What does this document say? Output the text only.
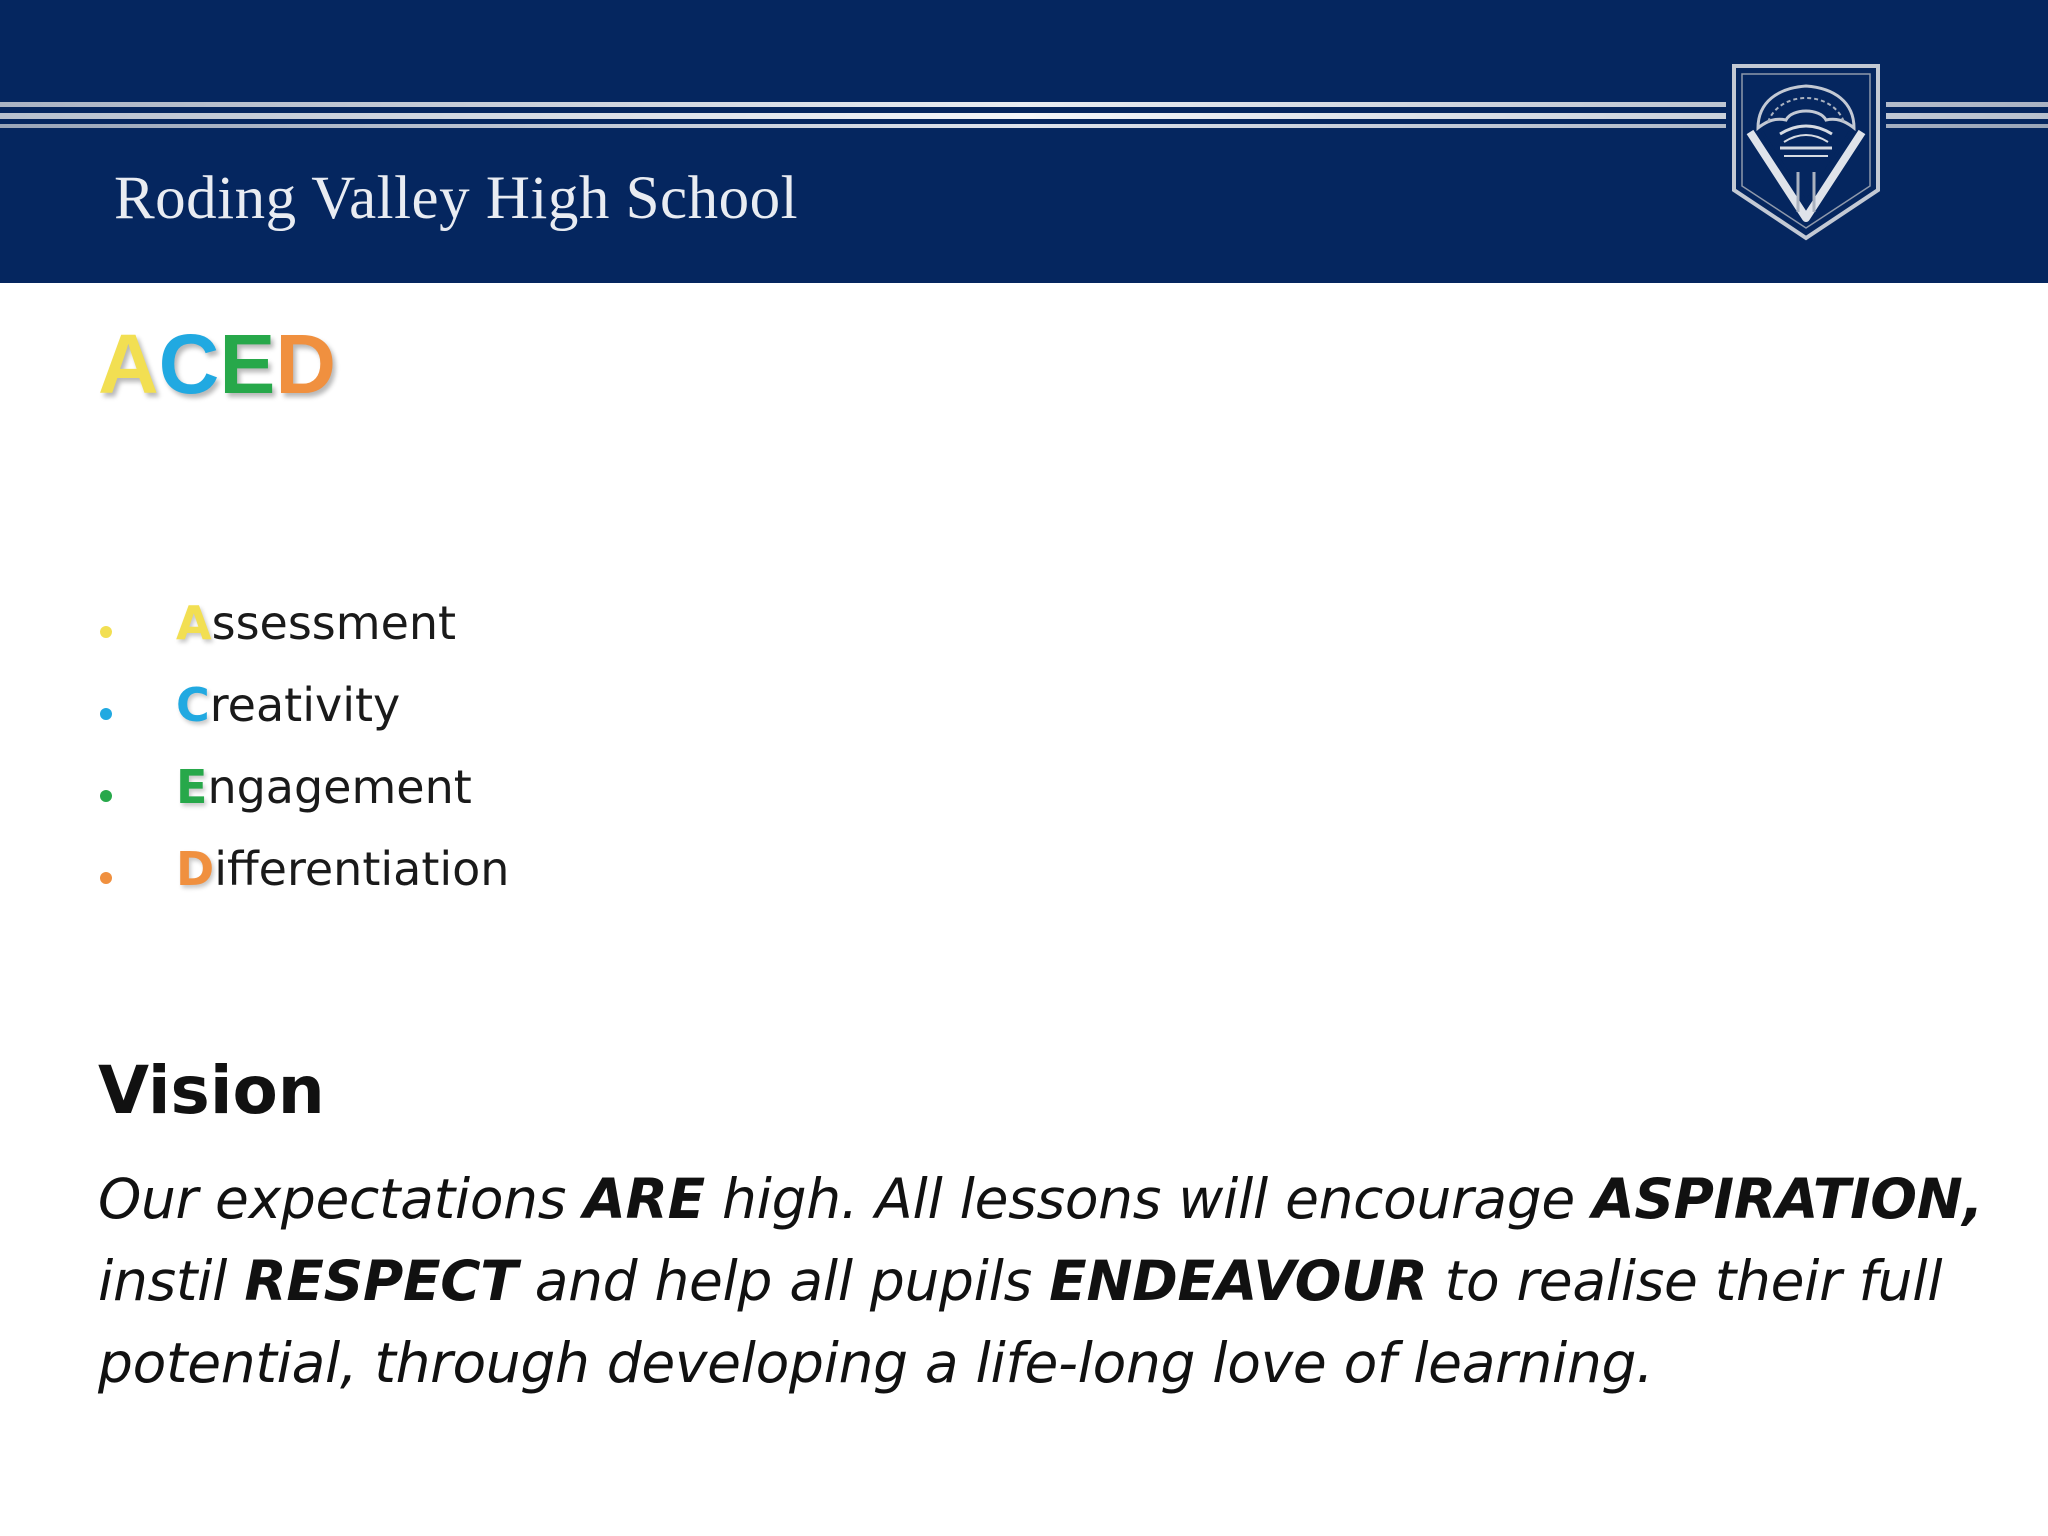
Roding Valley High School
ACED
Assessment
Creativity
Engagement
Differentiation
Vision
Our expectations ARE high. All lessons will encourage ASPIRATION,
instil RESPECT and help all pupils ENDEAVOUR to realise their full
potential, through developing a life-long love of learning.
